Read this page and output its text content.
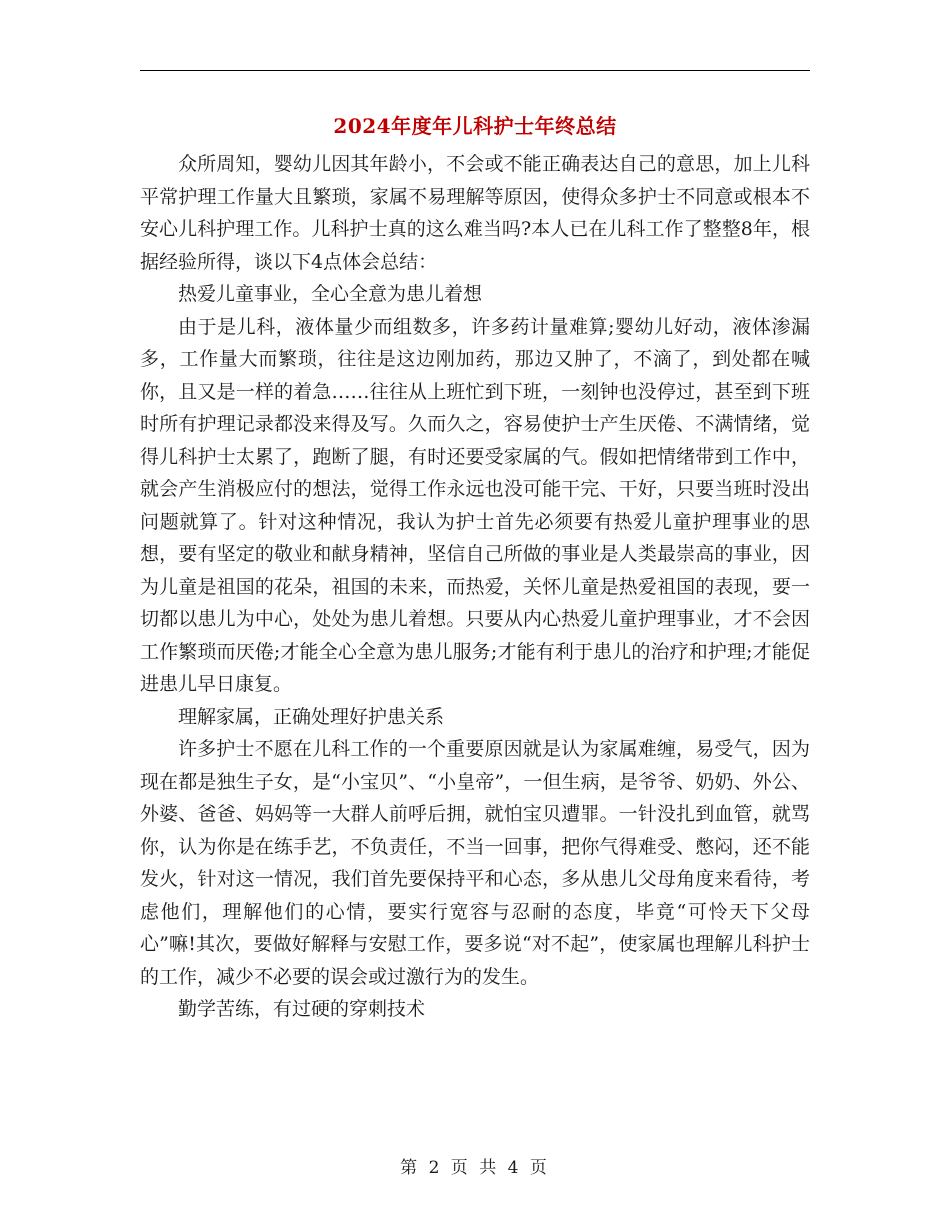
2024年度年儿科护士年终总结

众所周知，婴幼儿因其年龄小，不会或不能正确表达自己的意思，加上儿科平常护理工作量大且繁琐，家属不易理解等原因，使得众多护士不同意或根本不安心儿科护理工作。儿科护士真的这么难当吗?本人已在儿科工作了整整8年，根据经验所得，谈以下4点体会总结：

热爱儿童事业，全心全意为患儿着想

由于是儿科，液体量少而组数多，许多药计量难算;婴幼儿好动，液体渗漏多，工作量大而繁琐，往往是这边刚加药，那边又肿了，不滴了，到处都在喊你，且又是一样的着急……往往从上班忙到下班，一刻钟也没停过，甚至到下班时所有护理记录都没来得及写。久而久之，容易使护士产生厌倦、不满情绪，觉得儿科护士太累了，跑断了腿，有时还要受家属的气。假如把情绪带到工作中，就会产生消极应付的想法，觉得工作永远也没可能干完、干好，只要当班时没出问题就算了。针对这种情况，我认为护士首先必须要有热爱儿童护理事业的思想，要有坚定的敬业和献身精神，坚信自己所做的事业是人类最崇高的事业，因为儿童是祖国的花朵，祖国的未来，而热爱，关怀儿童是热爱祖国的表现，要一切都以患儿为中心，处处为患儿着想。只要从内心热爱儿童护理事业，才不会因工作繁琐而厌倦;才能全心全意为患儿服务;才能有利于患儿的治疗和护理;才能促进患儿早日康复。

理解家属，正确处理好护患关系

许多护士不愿在儿科工作的一个重要原因就是认为家属难缠，易受气，因为现在都是独生子女，是“小宝贝”、“小皇帝”，一但生病，是爷爷、奶奶、外公、外婆、爸爸、妈妈等一大群人前呼后拥，就怕宝贝遭罪。一针没扎到血管，就骂你，认为你是在练手艺，不负责任，不当一回事，把你气得难受、憋闷，还不能发火，针对这一情况，我们首先要保持平和心态，多从患儿父母角度来看待，考虑他们，理解他们的心情，要实行宽容与忍耐的态度，毕竟“可怜天下父母心”嘛!其次，要做好解释与安慰工作，要多说“对不起”，使家属也理解儿科护士的工作，减少不必要的误会或过激行为的发生。

勤学苦练，有过硬的穿刺技术

第 2 页 共 4 页
